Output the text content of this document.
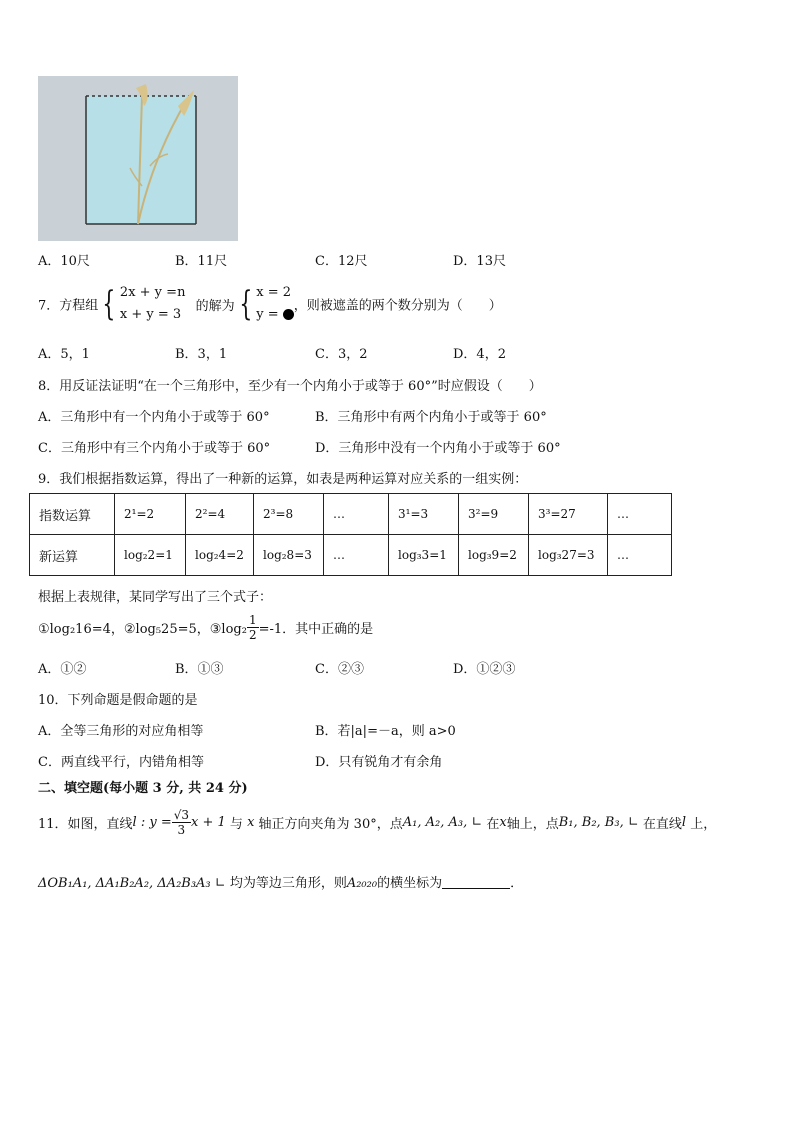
A．10尺	B．11尺	C．12尺	D．13尺
7．方程组 { 2x + y =n
x + y = 3 的解为 { x = 2
y = ，则被遮盖的两个数分别为（　　）
A．5，1	B．3，1	C．3，2	D．4，2
8．用反证法证明“在一个三角形中，至少有一个内角小于或等于 60°”时应假设（　　）
A．三角形中有一个内角小于或等于 60°	B．三角形中有两个内角小于或等于 60°
C．三角形中有三个内角小于或等于 60°	D．三角形中没有一个内角小于或等于 60°
9．我们根据指数运算，得出了一种新的运算，如表是两种运算对应关系的一组实例：
指数运算	2¹=2	2²=4	2³=8	…	3¹=3	3²=9	3³=27	…
新运算	log₂2=1	log₂4=2	log₂8=3	…	log₃3=1	log₃9=2	log₃27=3	…
根据上表规律，某同学写出了三个式子：
①log₂16=4，②log₅25=5，③log₂ $\frac{1}{2} =-1$．其中正确的是
A．①②	B．①③	C．②③	D．①②③
10．下列命题是假命题的是
A．全等三角形的对应角相等	B．若|a|=－a，则 a>0
C．两直线平行，内错角相等	D．只有锐角才有余角
二、填空题(每小题 3 分, 共 24 分)
11．如图，直线l : $y = \frac{√3}{3}$ x + 1 与 x 轴正方向夹角为 30°，点A₁, A₂, A₃, ∟ 在x轴上，点B₁, B₂, B₃, ∟ 在直线l 上，
ΔOB₁A₁, ΔA₁B₂A₂, ΔA₂B₃A₃ ∟ 均为等边三角形，则A₂₀₂₀的横坐标为	．
